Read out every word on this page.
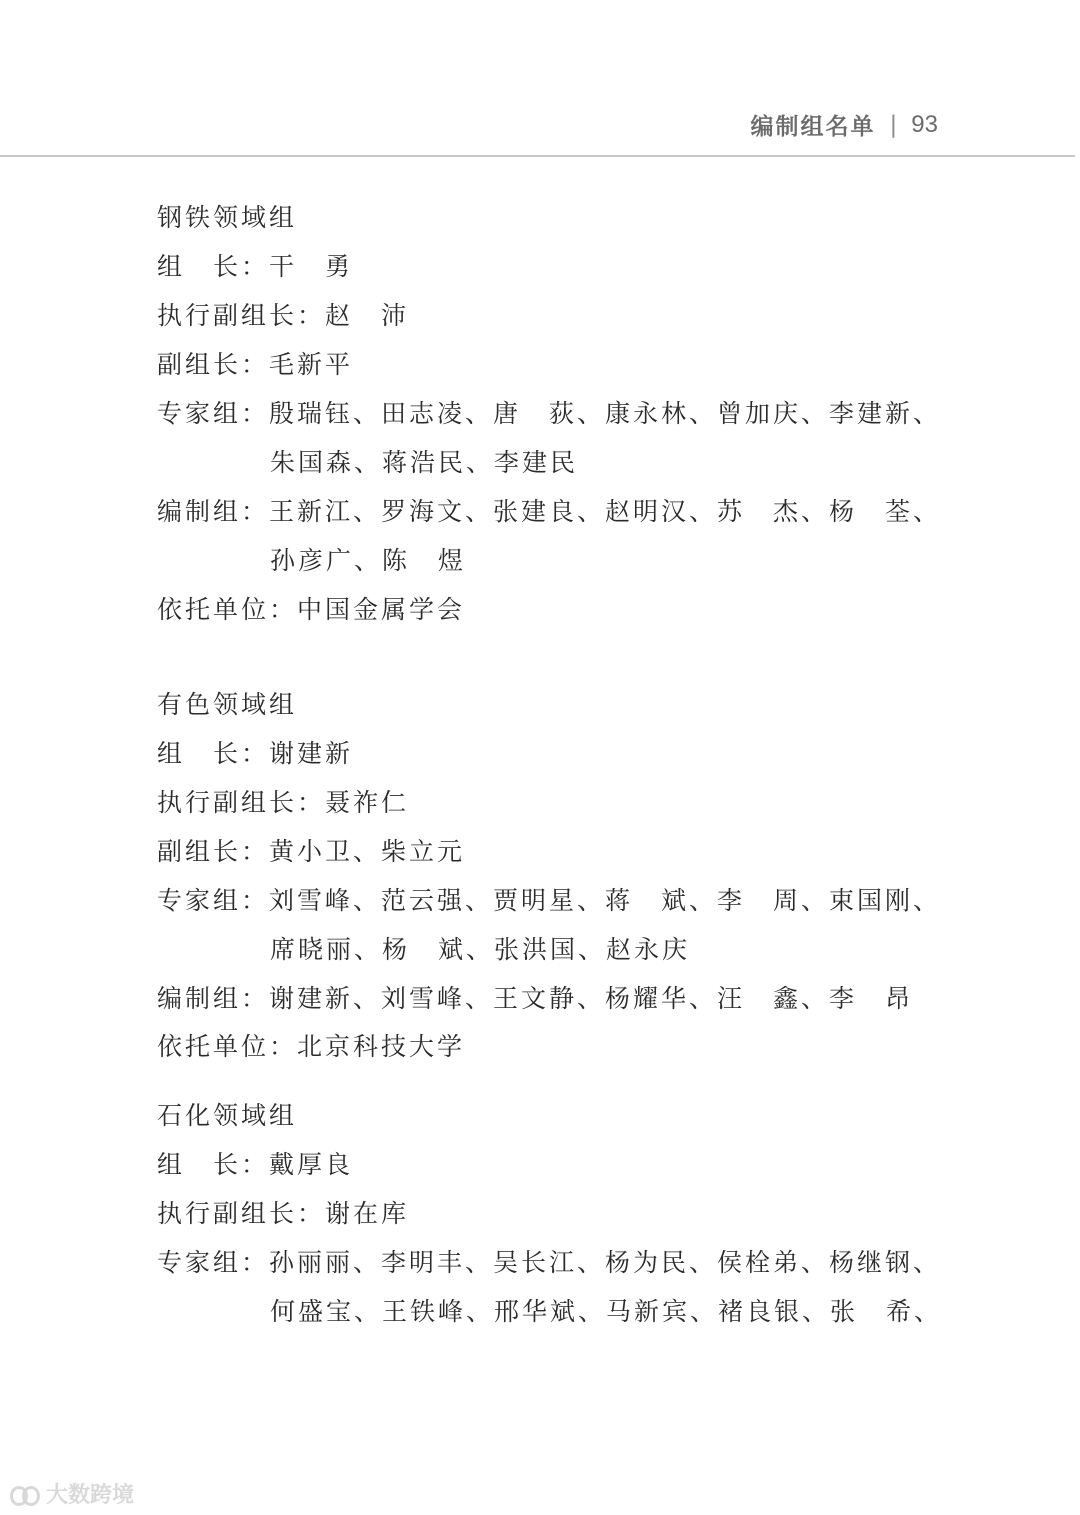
编制组名单 | 93
钢铁领域组
组　长：干　勇
执行副组长：赵　沛
副组长：毛新平
专家组：殷瑞钰、田志凌、唐　荻、康永林、曾加庆、李建新、
朱国森、蒋浩民、李建民
编制组：王新江、罗海文、张建良、赵明汉、苏　杰、杨　荃、
孙彦广、陈　煜
依托单位：中国金属学会
有色领域组
组　长：谢建新
执行副组长：聂祚仁
副组长：黄小卫、柴立元
专家组：刘雪峰、范云强、贾明星、蒋　斌、李　周、束国刚、
席晓丽、杨　斌、张洪国、赵永庆
编制组：谢建新、刘雪峰、王文静、杨耀华、汪　鑫、李　昂
依托单位：北京科技大学
石化领域组
组　长：戴厚良
执行副组长：谢在库
专家组：孙丽丽、李明丰、吴长江、杨为民、侯栓弟、杨继钢、
何盛宝、王铁峰、邢华斌、马新宾、褚良银、张　希、
大数跨境
